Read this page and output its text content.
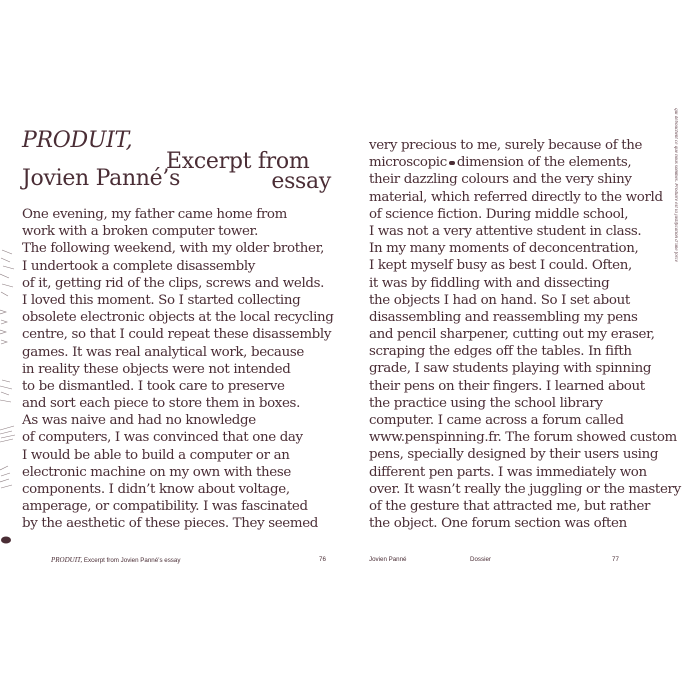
PRODUIT,
Excerpt from
Jovien Panné’s	essay
One evening, my father came home from
work with a broken computer tower.
The following weekend, with my older brother,
I undertook a complete disassembly
of it, getting rid of the clips, screws and welds.
I loved this moment. So I started collecting
obsolete electronic objects at the local recycling
centre, so that I could repeat these disassembly
games. It was real analytical work, because
in reality these objects were not intended
to be dismantled. I took care to preserve
and sort each piece to store them in boxes.
As was naive and had no knowledge
of computers, I was convinced that one day
I would be able to build a computer or an
electronic machine on my own with these
components. I didn’t know about voltage,
amperage, or compatibility. I was fascinated
by the aesthetic of these pieces. They seemed
PRODUIT, Excerpt from Jovien Panné’s essay	76
very precious to me, surely because of the
microscopic dimension of the elements,
their dazzling colours and the very shiny
material, which referred directly to the world
of science fiction. During middle school,
I was not a very attentive student in class.
In my many moments of deconcentration,
I kept myself busy as best I could. Often,
it was by fiddling with and dissecting
the objects I had on hand. So I set about
disassembling and reassembling my pens
and pencil sharpener, cutting out my eraser,
scraping the edges off the tables. In fifth
grade, I saw students playing with spinning
their pens on their fingers. I learned about
the practice using the school library
computer. I came across a forum called
www.penspinning.fr. The forum showed custom
pens, specially designed by their users using
different pen parts. I was immediately won
over. It wasn’t really the juggling or the mastery
of the gesture that attracted me, but rather
the object. One forum section was often
Jovien Panné	Dossier	77
qui débouchent ce que nous sommes. Produire est la justification d’une force
